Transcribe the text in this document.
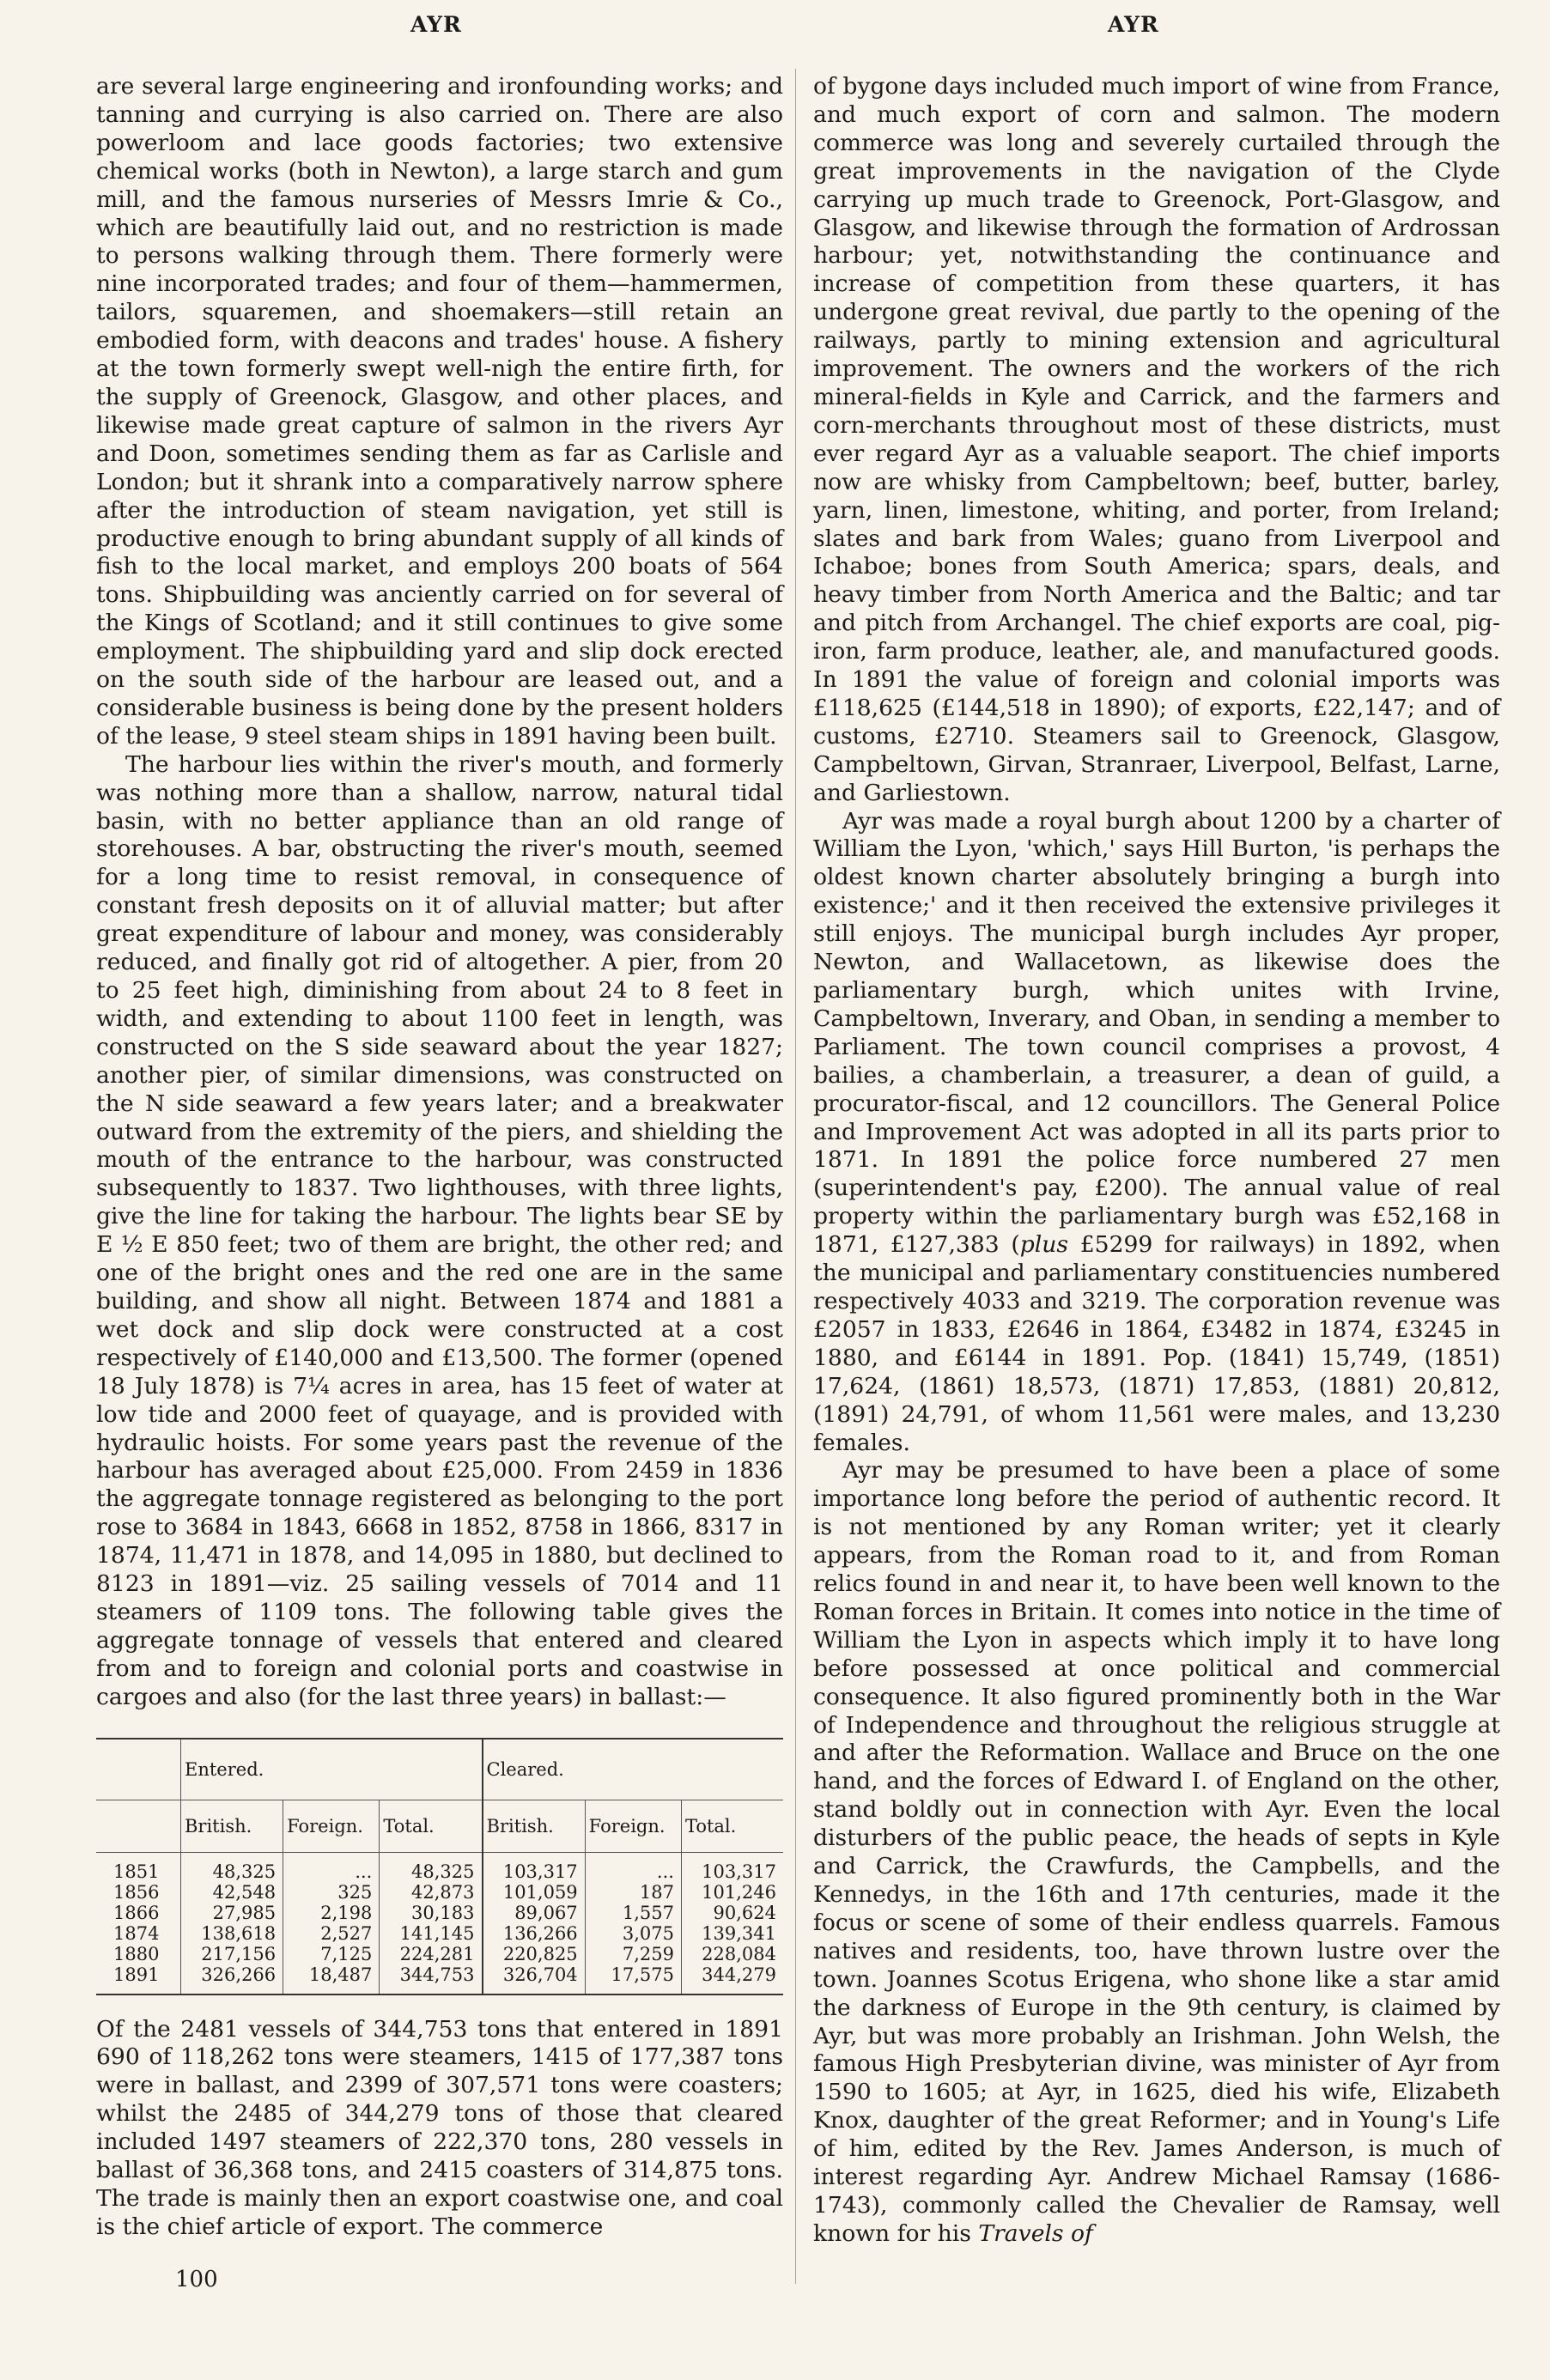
AYR	AYR

are several large engineering and ironfounding works; and tanning and currying is also carried on. There are also powerloom and lace goods factories; two extensive chemical works (both in Newton), a large starch and gum mill, and the famous nurseries of Messrs Imrie & Co., which are beautifully laid out, and no restriction is made to persons walking through them. There formerly were nine incorporated trades; and four of them—hammermen, tailors, squaremen, and shoemakers—still retain an embodied form, with deacons and trades' house. A fishery at the town formerly swept well-nigh the entire firth, for the supply of Greenock, Glasgow, and other places, and likewise made great capture of salmon in the rivers Ayr and Doon, sometimes sending them as far as Carlisle and London; but it shrank into a comparatively narrow sphere after the introduction of steam navigation, yet still is productive enough to bring abundant supply of all kinds of fish to the local market, and employs 200 boats of 564 tons. Shipbuilding was anciently carried on for several of the Kings of Scotland; and it still continues to give some employment. The shipbuilding yard and slip dock erected on the south side of the harbour are leased out, and a considerable business is being done by the present holders of the lease, 9 steel steam ships in 1891 having been built.

The harbour lies within the river's mouth, and formerly was nothing more than a shallow, narrow, natural tidal basin, with no better appliance than an old range of storehouses. A bar, obstructing the river's mouth, seemed for a long time to resist removal, in consequence of constant fresh deposits on it of alluvial matter; but after great expenditure of labour and money, was considerably reduced, and finally got rid of altogether. A pier, from 20 to 25 feet high, diminishing from about 24 to 8 feet in width, and extending to about 1100 feet in length, was constructed on the S side seaward about the year 1827; another pier, of similar dimensions, was constructed on the N side seaward a few years later; and a breakwater outward from the extremity of the piers, and shielding the mouth of the entrance to the harbour, was constructed subsequently to 1837. Two lighthouses, with three lights, give the line for taking the harbour. The lights bear SE by E ½ E 850 feet; two of them are bright, the other red; and one of the bright ones and the red one are in the same building, and show all night. Between 1874 and 1881 a wet dock and slip dock were constructed at a cost respectively of £140,000 and £13,500. The former (opened 18 July 1878) is 7¼ acres in area, has 15 feet of water at low tide and 2000 feet of quayage, and is provided with hydraulic hoists. For some years past the revenue of the harbour has averaged about £25,000. From 2459 in 1836 the aggregate tonnage registered as belonging to the port rose to 3684 in 1843, 6668 in 1852, 8758 in 1866, 8317 in 1874, 11,471 in 1878, and 14,095 in 1880, but declined to 8123 in 1891—viz. 25 sailing vessels of 7014 and 11 steamers of 1109 tons. The following table gives the aggregate tonnage of vessels that entered and cleared from and to foreign and colonial ports and coastwise in cargoes and also (for the last three years) in ballast:—

	Entered.			Cleared.		
	British.	Foreign.	Total.	British.	Foreign.	Total.
1851	48,325	...	48,325	103,317	...	103,317
1856	42,548	325	42,873	101,059	187	101,246
1866	27,985	2,198	30,183	89,067	1,557	90,624
1874	138,618	2,527	141,145	136,266	3,075	139,341
1880	217,156	7,125	224,281	220,825	7,259	228,084
1891	326,266	18,487	344,753	326,704	17,575	344,279

Of the 2481 vessels of 344,753 tons that entered in 1891 690 of 118,262 tons were steamers, 1415 of 177,387 tons were in ballast, and 2399 of 307,571 tons were coasters; whilst the 2485 of 344,279 tons of those that cleared included 1497 steamers of 222,370 tons, 280 vessels in ballast of 36,368 tons, and 2415 coasters of 314,875 tons. The trade is mainly then an export coastwise one, and coal is the chief article of export. The commerce

of bygone days included much import of wine from France, and much export of corn and salmon. The modern commerce was long and severely curtailed through the great improvements in the navigation of the Clyde carrying up much trade to Greenock, Port-Glasgow, and Glasgow, and likewise through the formation of Ardrossan harbour; yet, notwithstanding the continuance and increase of competition from these quarters, it has undergone great revival, due partly to the opening of the railways, partly to mining extension and agricultural improvement. The owners and the workers of the rich mineral-fields in Kyle and Carrick, and the farmers and corn-merchants throughout most of these districts, must ever regard Ayr as a valuable seaport. The chief imports now are whisky from Campbeltown; beef, butter, barley, yarn, linen, limestone, whiting, and porter, from Ireland; slates and bark from Wales; guano from Liverpool and Ichaboe; bones from South America; spars, deals, and heavy timber from North America and the Baltic; and tar and pitch from Archangel. The chief exports are coal, pig-iron, farm produce, leather, ale, and manufactured goods. In 1891 the value of foreign and colonial imports was £118,625 (£144,518 in 1890); of exports, £22,147; and of customs, £2710. Steamers sail to Greenock, Glasgow, Campbeltown, Girvan, Stranraer, Liverpool, Belfast, Larne, and Garliestown.

Ayr was made a royal burgh about 1200 by a charter of William the Lyon, 'which,' says Hill Burton, 'is perhaps the oldest known charter absolutely bringing a burgh into existence;' and it then received the extensive privileges it still enjoys. The municipal burgh includes Ayr proper, Newton, and Wallacetown, as likewise does the parliamentary burgh, which unites with Irvine, Campbeltown, Inverary, and Oban, in sending a member to Parliament. The town council comprises a provost, 4 bailies, a chamberlain, a treasurer, a dean of guild, a procurator-fiscal, and 12 councillors. The General Police and Improvement Act was adopted in all its parts prior to 1871. In 1891 the police force numbered 27 men (superintendent's pay, £200). The annual value of real property within the parliamentary burgh was £52,168 in 1871, £127,383 (plus £5299 for railways) in 1892, when the municipal and parliamentary constituencies numbered respectively 4033 and 3219. The corporation revenue was £2057 in 1833, £2646 in 1864, £3482 in 1874, £3245 in 1880, and £6144 in 1891. Pop. (1841) 15,749, (1851) 17,624, (1861) 18,573, (1871) 17,853, (1881) 20,812, (1891) 24,791, of whom 11,561 were males, and 13,230 females.

Ayr may be presumed to have been a place of some importance long before the period of authentic record. It is not mentioned by any Roman writer; yet it clearly appears, from the Roman road to it, and from Roman relics found in and near it, to have been well known to the Roman forces in Britain. It comes into notice in the time of William the Lyon in aspects which imply it to have long before possessed at once political and commercial consequence. It also figured prominently both in the War of Independence and throughout the religious struggle at and after the Reformation. Wallace and Bruce on the one hand, and the forces of Edward I. of England on the other, stand boldly out in connection with Ayr. Even the local disturbers of the public peace, the heads of septs in Kyle and Carrick, the Crawfurds, the Campbells, and the Kennedys, in the 16th and 17th centuries, made it the focus or scene of some of their endless quarrels. Famous natives and residents, too, have thrown lustre over the town. Joannes Scotus Erigena, who shone like a star amid the darkness of Europe in the 9th century, is claimed by Ayr, but was more probably an Irishman. John Welsh, the famous High Presbyterian divine, was minister of Ayr from 1590 to 1605; at Ayr, in 1625, died his wife, Elizabeth Knox, daughter of the great Reformer; and in Young's Life of him, edited by the Rev. James Anderson, is much of interest regarding Ayr. Andrew Michael Ramsay (1686-1743), commonly called the Chevalier de Ramsay, well known for his Travels of

100
